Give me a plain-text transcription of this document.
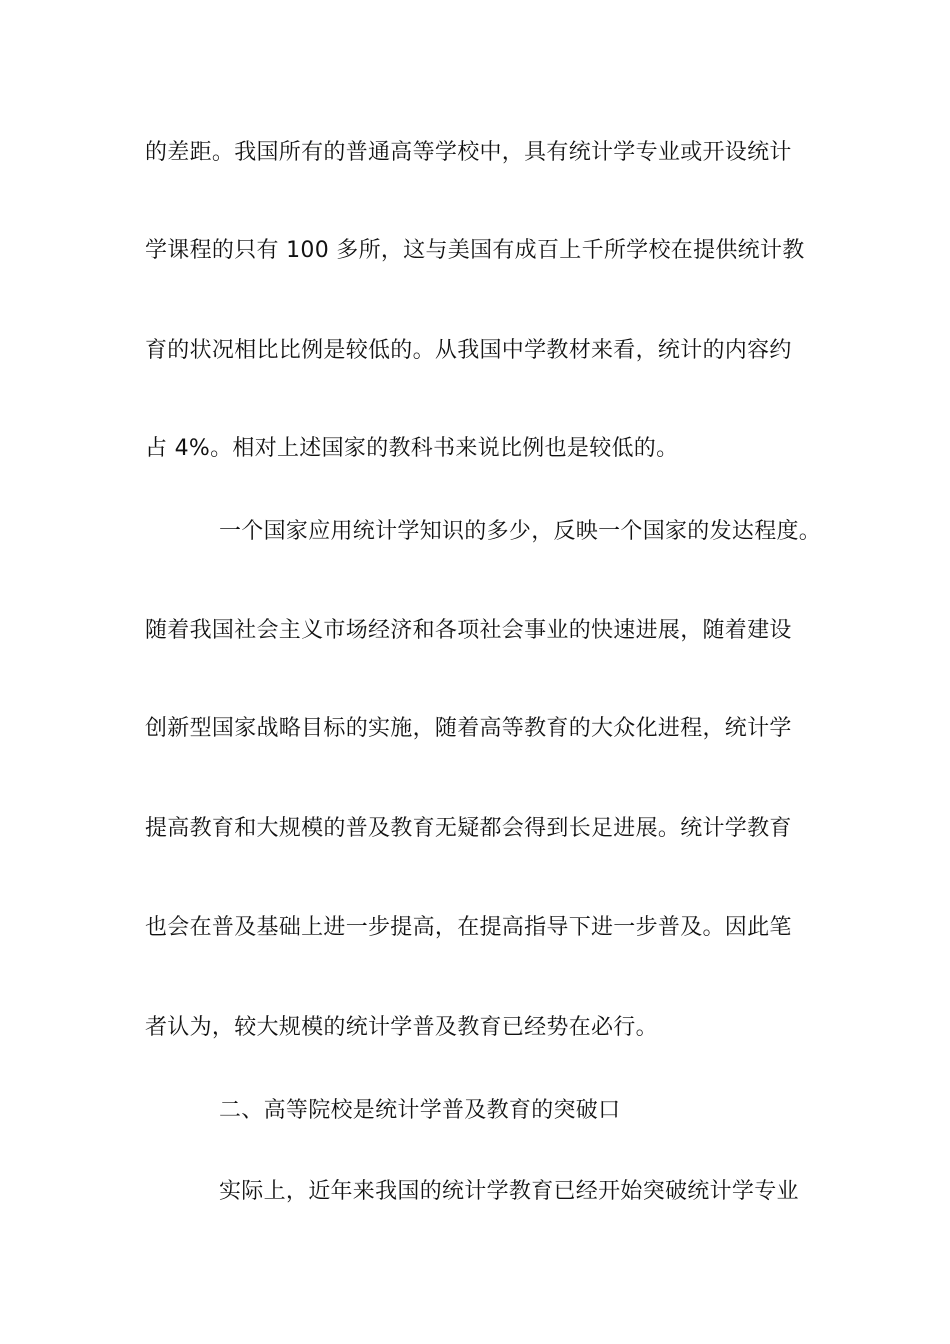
的差距。我国所有的普通高等学校中，具有统计学专业或开设统计
学课程的只有 100 多所，这与美国有成百上千所学校在提供统计教
育的状况相比比例是较低的。从我国中学教材来看，统计的内容约
占 4%。相对上述国家的教科书来说比例也是较低的。
一个国家应用统计学知识的多少，反映一个国家的发达程度。
随着我国社会主义市场经济和各项社会事业的快速进展，随着建设
创新型国家战略目标的实施，随着高等教育的大众化进程，统计学
提高教育和大规模的普及教育无疑都会得到长足进展。统计学教育
也会在普及基础上进一步提高，在提高指导下进一步普及。因此笔
者认为，较大规模的统计学普及教育已经势在必行。
二、高等院校是统计学普及教育的突破口
实际上，近年来我国的统计学教育已经开始突破统计学专业
